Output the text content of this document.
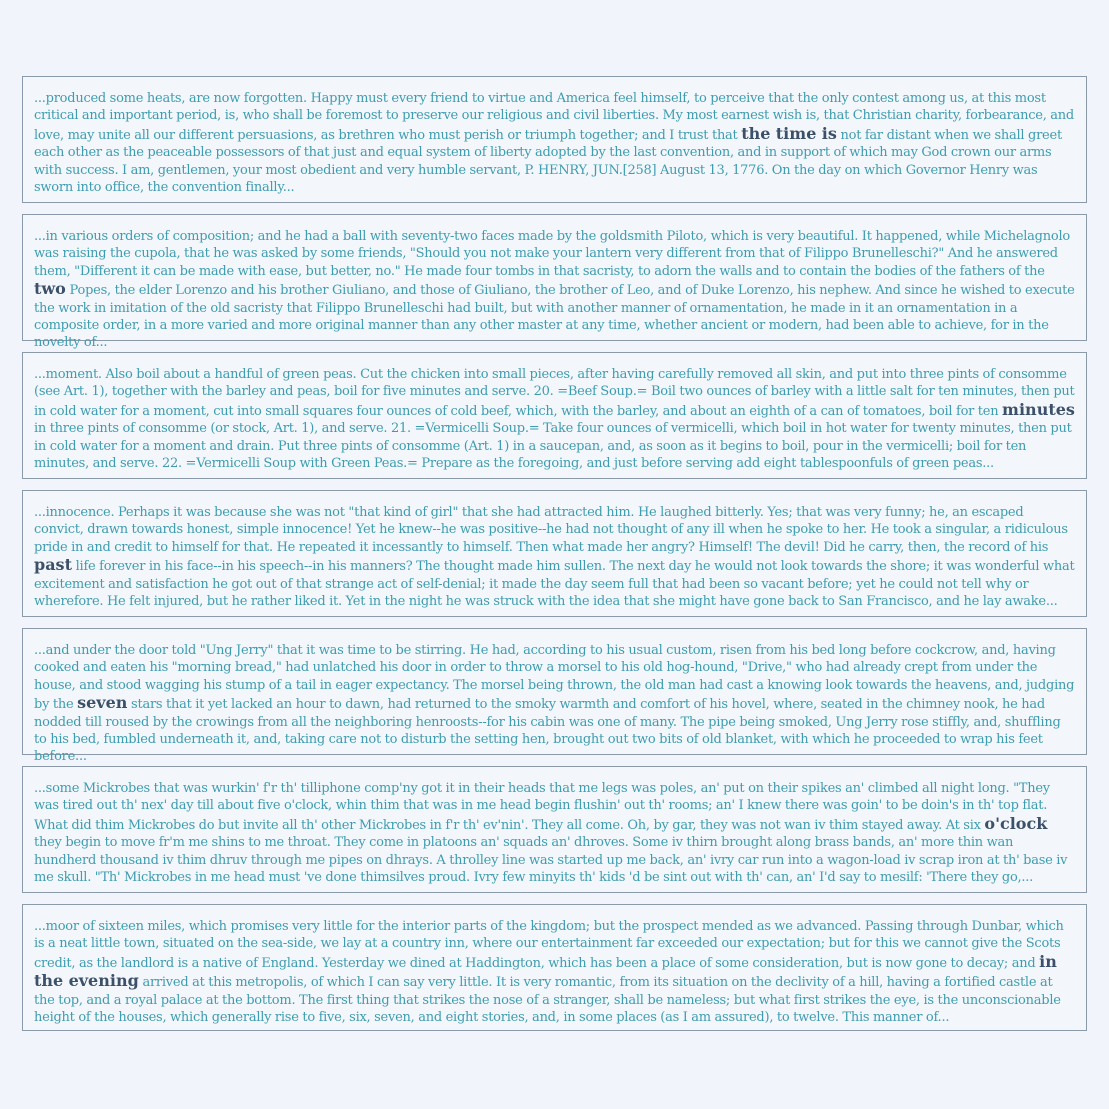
...produced some heats, are now forgotten. Happy must every friend to virtue and America feel himself, to perceive that the only contest among us, at this most critical and important period, is, who shall be foremost to preserve our religious and civil liberties. My most earnest wish is, that Christian charity, forbearance, and love, may unite all our different persuasions, as brethren who must perish or triumph together; and I trust that the time is not far distant when we shall greet each other as the peaceable possessors of that just and equal system of liberty adopted by the last convention, and in support of which may God crown our arms with success. I am, gentlemen, your most obedient and very humble servant, P. HENRY, JUN.[258] August 13, 1776. On the day on which Governor Henry was sworn into office, the convention finally...

...in various orders of composition; and he had a ball with seventy-two faces made by the goldsmith Piloto, which is very beautiful. It happened, while Michelagnolo was raising the cupola, that he was asked by some friends, "Should you not make your lantern very different from that of Filippo Brunelleschi?" And he answered them, "Different it can be made with ease, but better, no." He made four tombs in that sacristy, to adorn the walls and to contain the bodies of the fathers of the two Popes, the elder Lorenzo and his brother Giuliano, and those of Giuliano, the brother of Leo, and of Duke Lorenzo, his nephew. And since he wished to execute the work in imitation of the old sacristy that Filippo Brunelleschi had built, but with another manner of ornamentation, he made in it an ornamentation in a composite order, in a more varied and more original manner than any other master at any time, whether ancient or modern, had been able to achieve, for in the novelty of...

...moment. Also boil about a handful of green peas. Cut the chicken into small pieces, after having carefully removed all skin, and put into three pints of consomme (see Art. 1), together with the barley and peas, boil for five minutes and serve. 20. =Beef Soup.= Boil two ounces of barley with a little salt for ten minutes, then put in cold water for a moment, cut into small squares four ounces of cold beef, which, with the barley, and about an eighth of a can of tomatoes, boil for ten minutes in three pints of consomme (or stock, Art. 1), and serve. 21. =Vermicelli Soup.= Take four ounces of vermicelli, which boil in hot water for twenty minutes, then put in cold water for a moment and drain. Put three pints of consomme (Art. 1) in a saucepan, and, as soon as it begins to boil, pour in the vermicelli; boil for ten minutes, and serve. 22. =Vermicelli Soup with Green Peas.= Prepare as the foregoing, and just before serving add eight tablespoonfuls of green peas...

...innocence. Perhaps it was because she was not "that kind of girl" that she had attracted him. He laughed bitterly. Yes; that was very funny; he, an escaped convict, drawn towards honest, simple innocence! Yet he knew--he was positive--he had not thought of any ill when he spoke to her. He took a singular, a ridiculous pride in and credit to himself for that. He repeated it incessantly to himself. Then what made her angry? Himself! The devil! Did he carry, then, the record of his past life forever in his face--in his speech--in his manners? The thought made him sullen. The next day he would not look towards the shore; it was wonderful what excitement and satisfaction he got out of that strange act of self-denial; it made the day seem full that had been so vacant before; yet he could not tell why or wherefore. He felt injured, but he rather liked it. Yet in the night he was struck with the idea that she might have gone back to San Francisco, and he lay awake...

...and under the door told "Ung Jerry" that it was time to be stirring. He had, according to his usual custom, risen from his bed long before cockcrow, and, having cooked and eaten his "morning bread," had unlatched his door in order to throw a morsel to his old hog-hound, "Drive," who had already crept from under the house, and stood wagging his stump of a tail in eager expectancy. The morsel being thrown, the old man had cast a knowing look towards the heavens, and, judging by the seven stars that it yet lacked an hour to dawn, had returned to the smoky warmth and comfort of his hovel, where, seated in the chimney nook, he had nodded till roused by the crowings from all the neighboring henroosts--for his cabin was one of many. The pipe being smoked, Ung Jerry rose stiffly, and, shuffling to his bed, fumbled underneath it, and, taking care not to disturb the setting hen, brought out two bits of old blanket, with which he proceeded to wrap his feet before...

...some Mickrobes that was wurkin' f'r th' tilliphone comp'ny got it in their heads that me legs was poles, an' put on their spikes an' climbed all night long. "They was tired out th' nex' day till about five o'clock, whin thim that was in me head begin flushin' out th' rooms; an' I knew there was goin' to be doin's in th' top flat. What did thim Mickrobes do but invite all th' other Mickrobes in f'r th' ev'nin'. They all come. Oh, by gar, they was not wan iv thim stayed away. At six o'clock they begin to move fr'm me shins to me throat. They come in platoons an' squads an' dhroves. Some iv thirn brought along brass bands, an' more thin wan hundherd thousand iv thim dhruv through me pipes on dhrays. A throlley line was started up me back, an' ivry car run into a wagon-load iv scrap iron at th' base iv me skull. "Th' Mickrobes in me head must 've done thimsilves proud. Ivry few minyits th' kids 'd be sint out with th' can, an' I'd say to mesilf: 'There they go,...

...moor of sixteen miles, which promises very little for the interior parts of the kingdom; but the prospect mended as we advanced. Passing through Dunbar, which is a neat little town, situated on the sea-side, we lay at a country inn, where our entertainment far exceeded our expectation; but for this we cannot give the Scots credit, as the landlord is a native of England. Yesterday we dined at Haddington, which has been a place of some consideration, but is now gone to decay; and in the evening arrived at this metropolis, of which I can say very little. It is very romantic, from its situation on the declivity of a hill, having a fortified castle at the top, and a royal palace at the bottom. The first thing that strikes the nose of a stranger, shall be nameless; but what first strikes the eye, is the unconscionable height of the houses, which generally rise to five, six, seven, and eight stories, and, in some places (as I am assured), to twelve. This manner of...
